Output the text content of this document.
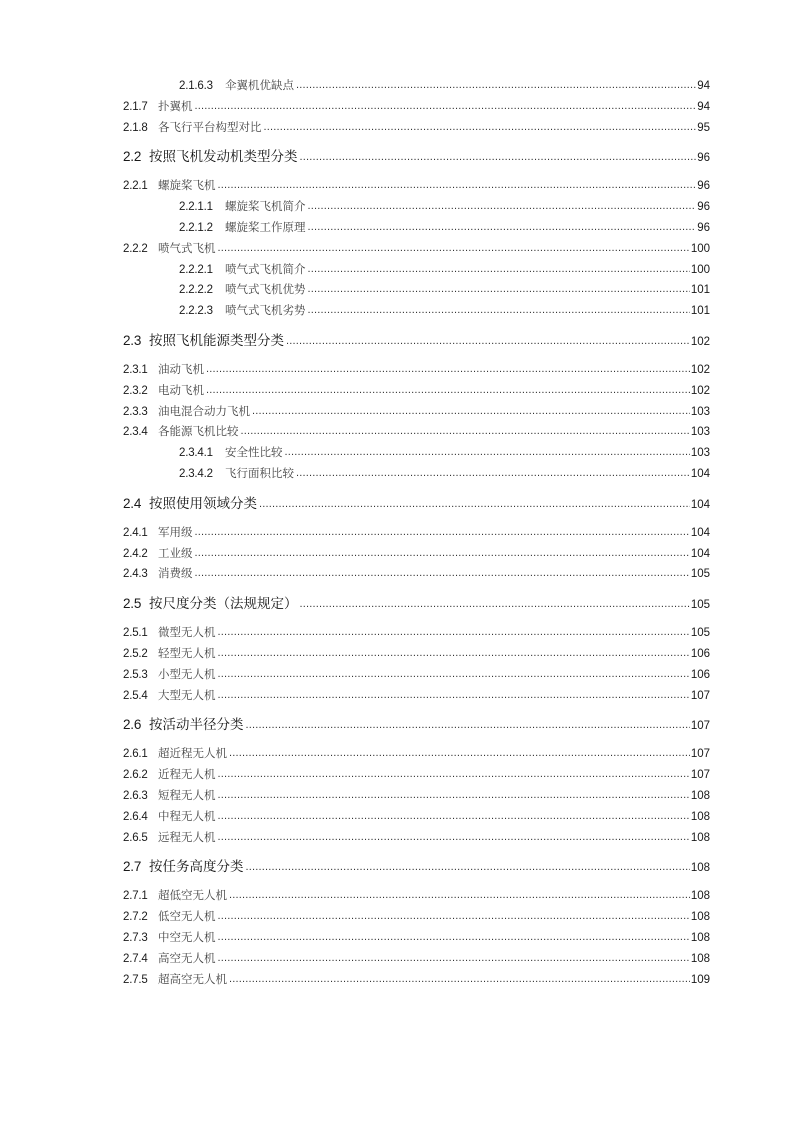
2.1.6.3	伞翼机优缺点 .....	94
2.1.7 扑翼机 .....	94
2.1.8 各飞行平台构型对比 .....	95
2.2 按照飞机发动机类型分类 .....	96
2.2.1 螺旋桨飞机 .....	96
2.2.1.1	螺旋桨飞机简介 .....	96
2.2.1.2	螺旋桨工作原理 .....	96
2.2.2 喷气式飞机 .....	100
2.2.2.1	喷气式飞机简介 .....	100
2.2.2.2	喷气式飞机优势 .....	101
2.2.2.3	喷气式飞机劣势 .....	101
2.3 按照飞机能源类型分类 .....	102
2.3.1 油动飞机 .....	102
2.3.2 电动飞机 .....	102
2.3.3 油电混合动力飞机 .....	103
2.3.4 各能源飞机比较 .....	103
2.3.4.1	安全性比较 .....	103
2.3.4.2	飞行面积比较 .....	104
2.4 按照使用领域分类 .....	104
2.4.1 军用级 .....	104
2.4.2 工业级 .....	104
2.4.3 消费级 .....	105
2.5 按尺度分类（法规规定） .....	105
2.5.1 微型无人机 .....	105
2.5.2 轻型无人机 .....	106
2.5.3 小型无人机 .....	106
2.5.4 大型无人机 .....	107
2.6 按活动半径分类 .....	107
2.6.1 超近程无人机 .....	107
2.6.2 近程无人机 .....	107
2.6.3 短程无人机 .....	108
2.6.4 中程无人机 .....	108
2.6.5 远程无人机 .....	108
2.7 按任务高度分类 .....	108
2.7.1 超低空无人机 .....	108
2.7.2 低空无人机 .....	108
2.7.3 中空无人机 .....	108
2.7.4 高空无人机 .....	108
2.7.5 超高空无人机 .....	109
